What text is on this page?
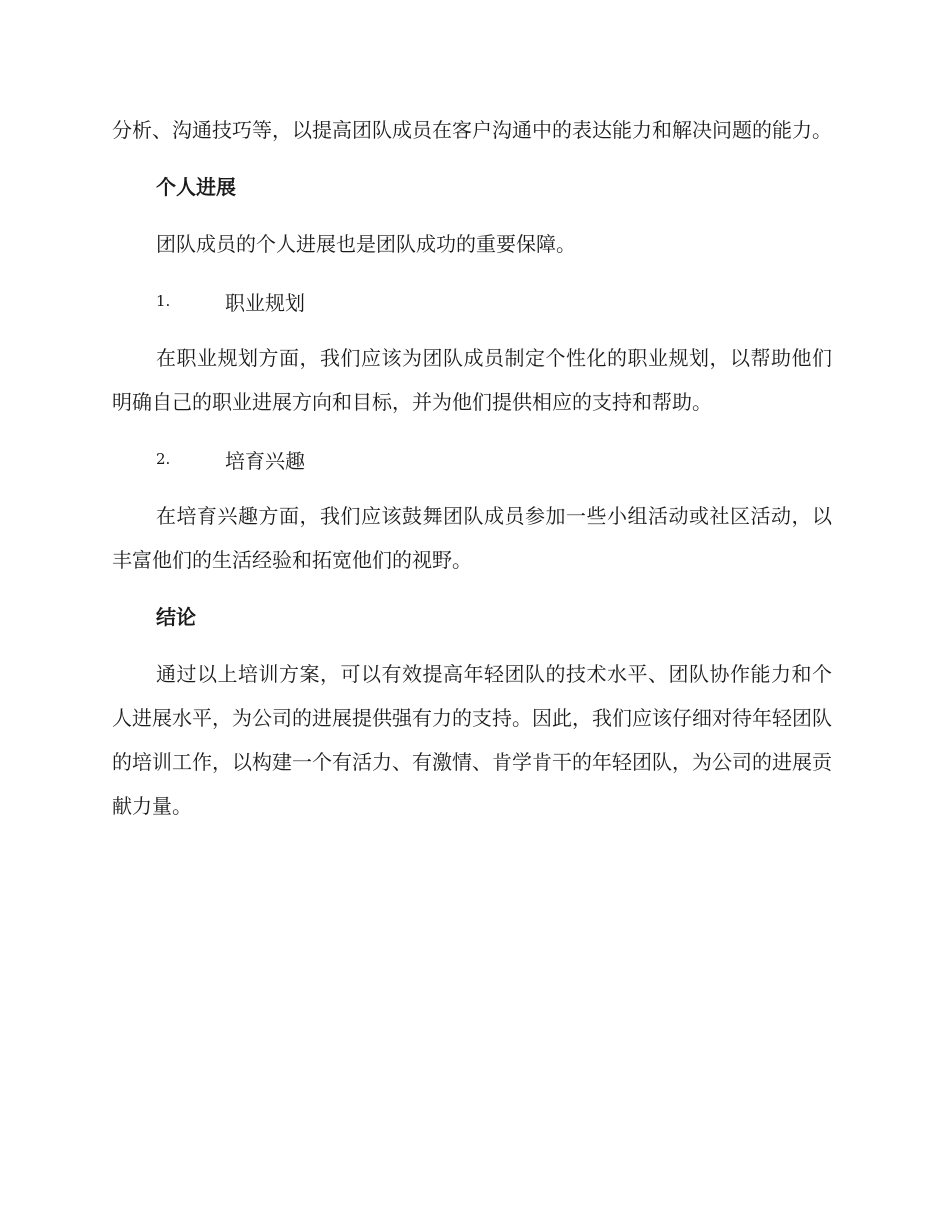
分析、沟通技巧等，以提高团队成员在客户沟通中的表达能力和解决问题的能力。

个人进展

团队成员的个人进展也是团队成功的重要保障。

1.	职业规划

在职业规划方面，我们应该为团队成员制定个性化的职业规划，以帮助他们明确自己的职业进展方向和目标，并为他们提供相应的支持和帮助。

2.	培育兴趣

在培育兴趣方面，我们应该鼓舞团队成员参加一些小组活动或社区活动，以丰富他们的生活经验和拓宽他们的视野。

结论

通过以上培训方案，可以有效提高年轻团队的技术水平、团队协作能力和个人进展水平，为公司的进展提供强有力的支持。因此，我们应该仔细对待年轻团队的培训工作，以构建一个有活力、有激情、肯学肯干的年轻团队，为公司的进展贡献力量。
